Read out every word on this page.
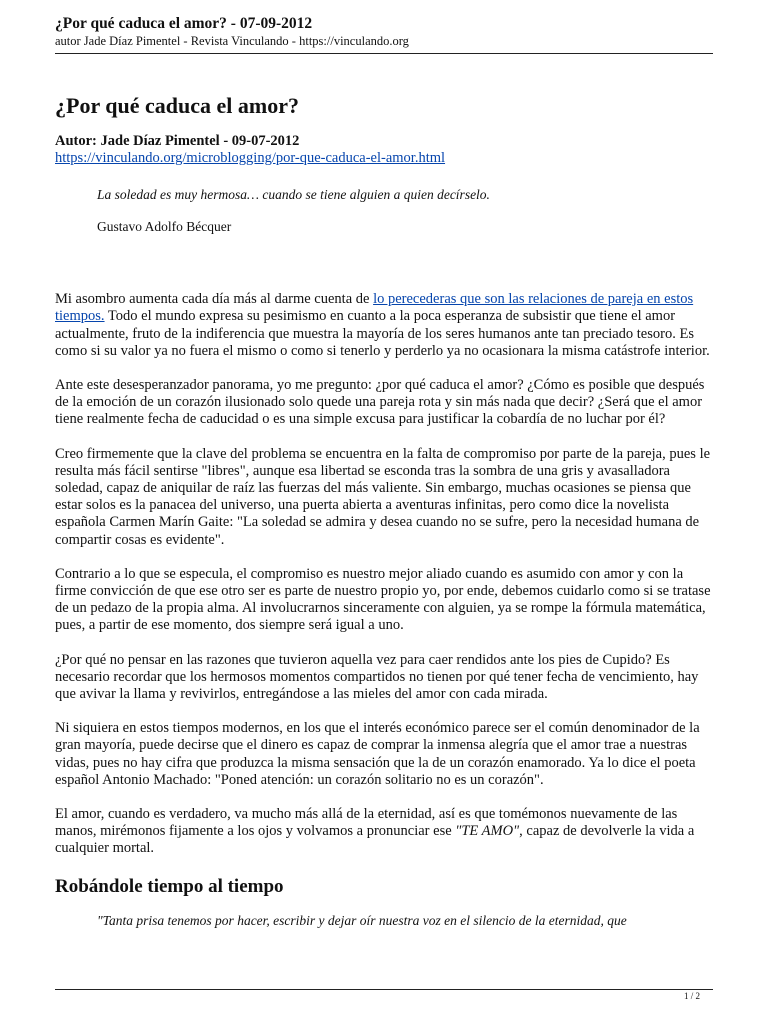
¿Por qué caduca el amor? - 07-09-2012
autor Jade Díaz Pimentel - Revista Vinculando - https://vinculando.org
¿Por qué caduca el amor?
Autor: Jade Díaz Pimentel - 09-07-2012
https://vinculando.org/microblogging/por-que-caduca-el-amor.html
La soledad es muy hermosa… cuando se tiene alguien a quien decírselo.
Gustavo Adolfo Bécquer

Mi asombro aumenta cada día más al darme cuenta de lo perecederas que son las relaciones de pareja en estos tiempos. Todo el mundo expresa su pesimismo en cuanto a la poca esperanza de subsistir que tiene el amor actualmente, fruto de la indiferencia que muestra la mayoría de los seres humanos ante tan preciado tesoro. Es como si su valor ya no fuera el mismo o como si tenerlo y perderlo ya no ocasionara la misma catástrofe interior.

Ante este desesperanzador panorama, yo me pregunto: ¿por qué caduca el amor? ¿Cómo es posible que después de la emoción de un corazón ilusionado solo quede una pareja rota y sin más nada que decir? ¿Será que el amor tiene realmente fecha de caducidad o es una simple excusa para justificar la cobardía de no luchar por él?

Creo firmemente que la clave del problema se encuentra en la falta de compromiso por parte de la pareja, pues le resulta más fácil sentirse "libres", aunque esa libertad se esconda tras la sombra de una gris y avasalladora soledad, capaz de aniquilar de raíz las fuerzas del más valiente. Sin embargo, muchas ocasiones se piensa que estar solos es la panacea del universo, una puerta abierta a aventuras infinitas, pero como dice la novelista española Carmen Marín Gaite: "La soledad se admira y desea cuando no se sufre, pero la necesidad humana de compartir cosas es evidente".

Contrario a lo que se especula, el compromiso es nuestro mejor aliado cuando es asumido con amor y con la firme convicción de que ese otro ser es parte de nuestro propio yo, por ende, debemos cuidarlo como si se tratase de un pedazo de la propia alma. Al involucrarnos sinceramente con alguien, ya se rompe la fórmula matemática, pues, a partir de ese momento, dos siempre será igual a uno.

¿Por qué no pensar en las razones que tuvieron aquella vez para caer rendidos ante los pies de Cupido? Es necesario recordar que los hermosos momentos compartidos no tienen por qué tener fecha de vencimiento, hay que avivar la llama y revivirlos, entregándose a las mieles del amor con cada mirada.

Ni siquiera en estos tiempos modernos, en los que el interés económico parece ser el común denominador de la gran mayoría, puede decirse que el dinero es capaz de comprar la inmensa alegría que el amor trae a nuestras vidas, pues no hay cifra que produzca la misma sensación que la de un corazón enamorado. Ya lo dice el poeta español Antonio Machado: "Poned atención: un corazón solitario no es un corazón".

El amor, cuando es verdadero, va mucho más allá de la eternidad, así es que tomémonos nuevamente de las manos, mirémonos fijamente a los ojos y volvamos a pronunciar ese "TE AMO", capaz de devolverle la vida a cualquier mortal.

Robándole tiempo al tiempo
"Tanta prisa tenemos por hacer, escribir y dejar oír nuestra voz en el silencio de la eternidad, que
1 / 2
